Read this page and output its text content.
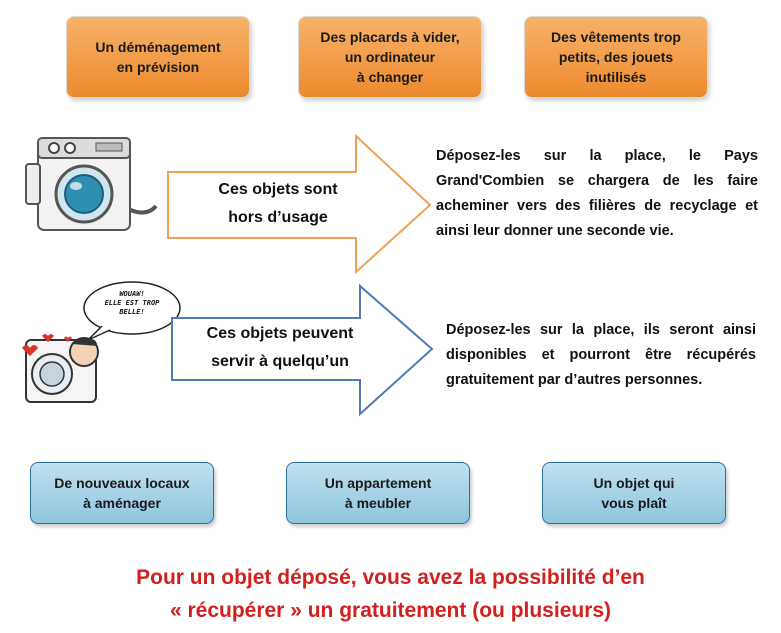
Un déménagement
en prévision
Des placards à vider,
un ordinateur
à changer
Des vêtements trop
petits, des jouets
inutilisés
Ces objets sont
hors d’usage
Déposez-les sur la place, le Pays Grand'Combien se chargera de les faire acheminer vers des filières de recyclage et ainsi leur donner une seconde vie.
WOUAW!
ELLE EST TROP
BELLE!
Ces objets peuvent
servir à quelqu’un
Déposez-les sur la place, ils seront ainsi disponibles et pourront être récupérés gratuitement par d’autres personnes.
De nouveaux locaux
à aménager
Un appartement
à meubler
Un objet qui
vous plaît
Pour un objet déposé, vous avez la possibilité d’en
« récupérer » un gratuitement (ou plusieurs)
